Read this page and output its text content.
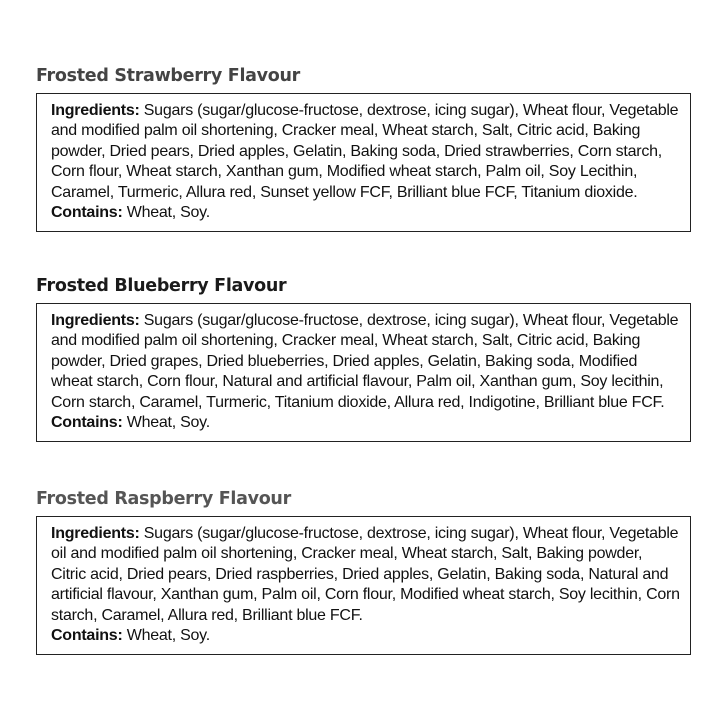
Frosted Strawberry Flavour

Ingredients: Sugars (sugar/glucose-fructose, dextrose, icing sugar), Wheat flour, Vegetable and modified palm oil shortening, Cracker meal, Wheat starch, Salt, Citric acid, Baking powder, Dried pears, Dried apples, Gelatin, Baking soda, Dried strawberries, Corn starch, Corn flour, Wheat starch, Xanthan gum, Modified wheat starch, Palm oil, Soy Lecithin, Caramel, Turmeric, Allura red, Sunset yellow FCF, Brilliant blue FCF, Titanium dioxide.

Contains: Wheat, Soy.

Frosted Blueberry Flavour

Ingredients: Sugars (sugar/glucose-fructose, dextrose, icing sugar), Wheat flour, Vegetable and modified palm oil shortening, Cracker meal, Wheat starch, Salt, Citric acid, Baking powder, Dried grapes, Dried blueberries, Dried apples, Gelatin, Baking soda, Modified wheat starch, Corn flour, Natural and artificial flavour, Palm oil, Xanthan gum, Soy lecithin, Corn starch, Caramel, Turmeric, Titanium dioxide, Allura red, Indigotine, Brilliant blue FCF.

Contains: Wheat, Soy.

Frosted Raspberry Flavour

Ingredients: Sugars (sugar/glucose-fructose, dextrose, icing sugar), Wheat flour, Vegetable oil and modified palm oil shortening, Cracker meal, Wheat starch, Salt, Baking powder, Citric acid, Dried pears, Dried raspberries, Dried apples, Gelatin, Baking soda, Natural and artificial flavour, Xanthan gum, Palm oil, Corn flour, Modified wheat starch, Soy lecithin, Corn starch, Caramel, Allura red, Brilliant blue FCF.

Contains: Wheat, Soy.
